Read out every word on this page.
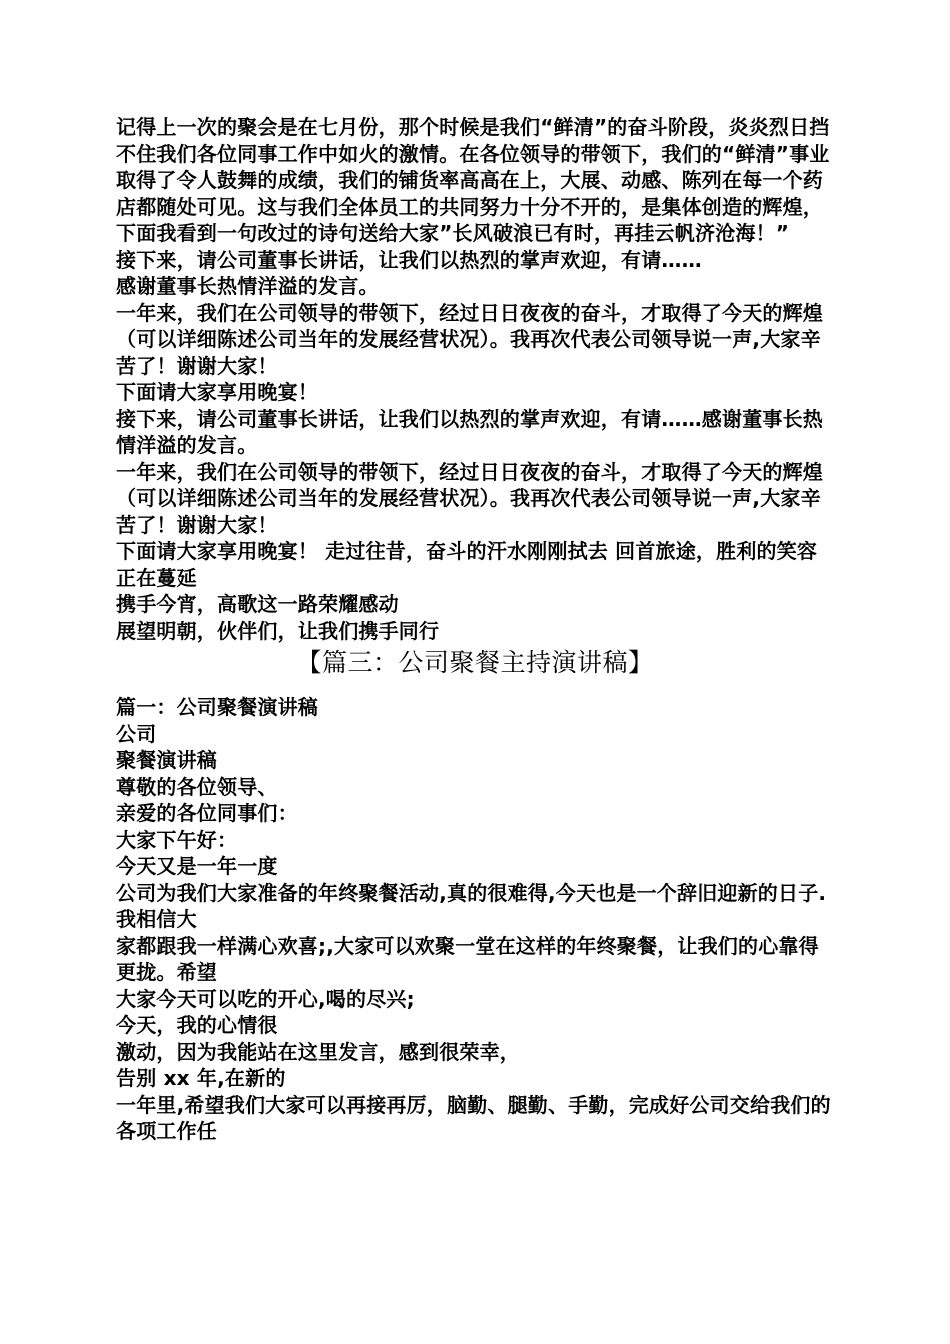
记得上一次的聚会是在七月份，那个时候是我们“鲜清”的奋斗阶段，炎炎烈日挡不住我们各位同事工作中如火的激情。在各位领导的带领下，我们的“鲜清”事业取得了令人鼓舞的成绩，我们的铺货率高高在上，大展、动感、陈列在每一个药店都随处可见。这与我们全体员工的共同努力十分不开的，是集体创造的辉煌，下面我看到一句改过的诗句送给大家”长风破浪已有时，再挂云帆济沧海！”

接下来，请公司董事长讲话，让我们以热烈的掌声欢迎，有请……

感谢董事长热情洋溢的发言。

一年来，我们在公司领导的带领下，经过日日夜夜的奋斗，才取得了今天的辉煌（可以详细陈述公司当年的发展经营状况）。我再次代表公司领导说一声,大家辛苦了！谢谢大家！

下面请大家享用晚宴！

接下来，请公司董事长讲话，让我们以热烈的掌声欢迎，有请……感谢董事长热情洋溢的发言。

一年来，我们在公司领导的带领下，经过日日夜夜的奋斗，才取得了今天的辉煌（可以详细陈述公司当年的发展经营状况）。我再次代表公司领导说一声,大家辛苦了！谢谢大家！

下面请大家享用晚宴！ 走过往昔，奋斗的汗水刚刚拭去 回首旅途，胜利的笑容正在蔓延

携手今宵，高歌这一路荣耀感动

展望明朝，伙伴们，让我们携手同行

【篇三：公司聚餐主持演讲稿】

篇一：公司聚餐演讲稿

公司

聚餐演讲稿

尊敬的各位领导、

亲爱的各位同事们：

大家下午好：

今天又是一年一度

公司为我们大家准备的年终聚餐活动,真的很难得,今天也是一个辞旧迎新的日子.我相信大

家都跟我一样满心欢喜;,大家可以欢聚一堂在这样的年终聚餐，让我们的心靠得更拢。希望

大家今天可以吃的开心,喝的尽兴;

今天，我的心情很

激动，因为我能站在这里发言，感到很荣幸，

告别 xx 年,在新的

一年里,希望我们大家可以再接再厉，脑勤、腿勤、手勤，完成好公司交给我们的各项工作任
